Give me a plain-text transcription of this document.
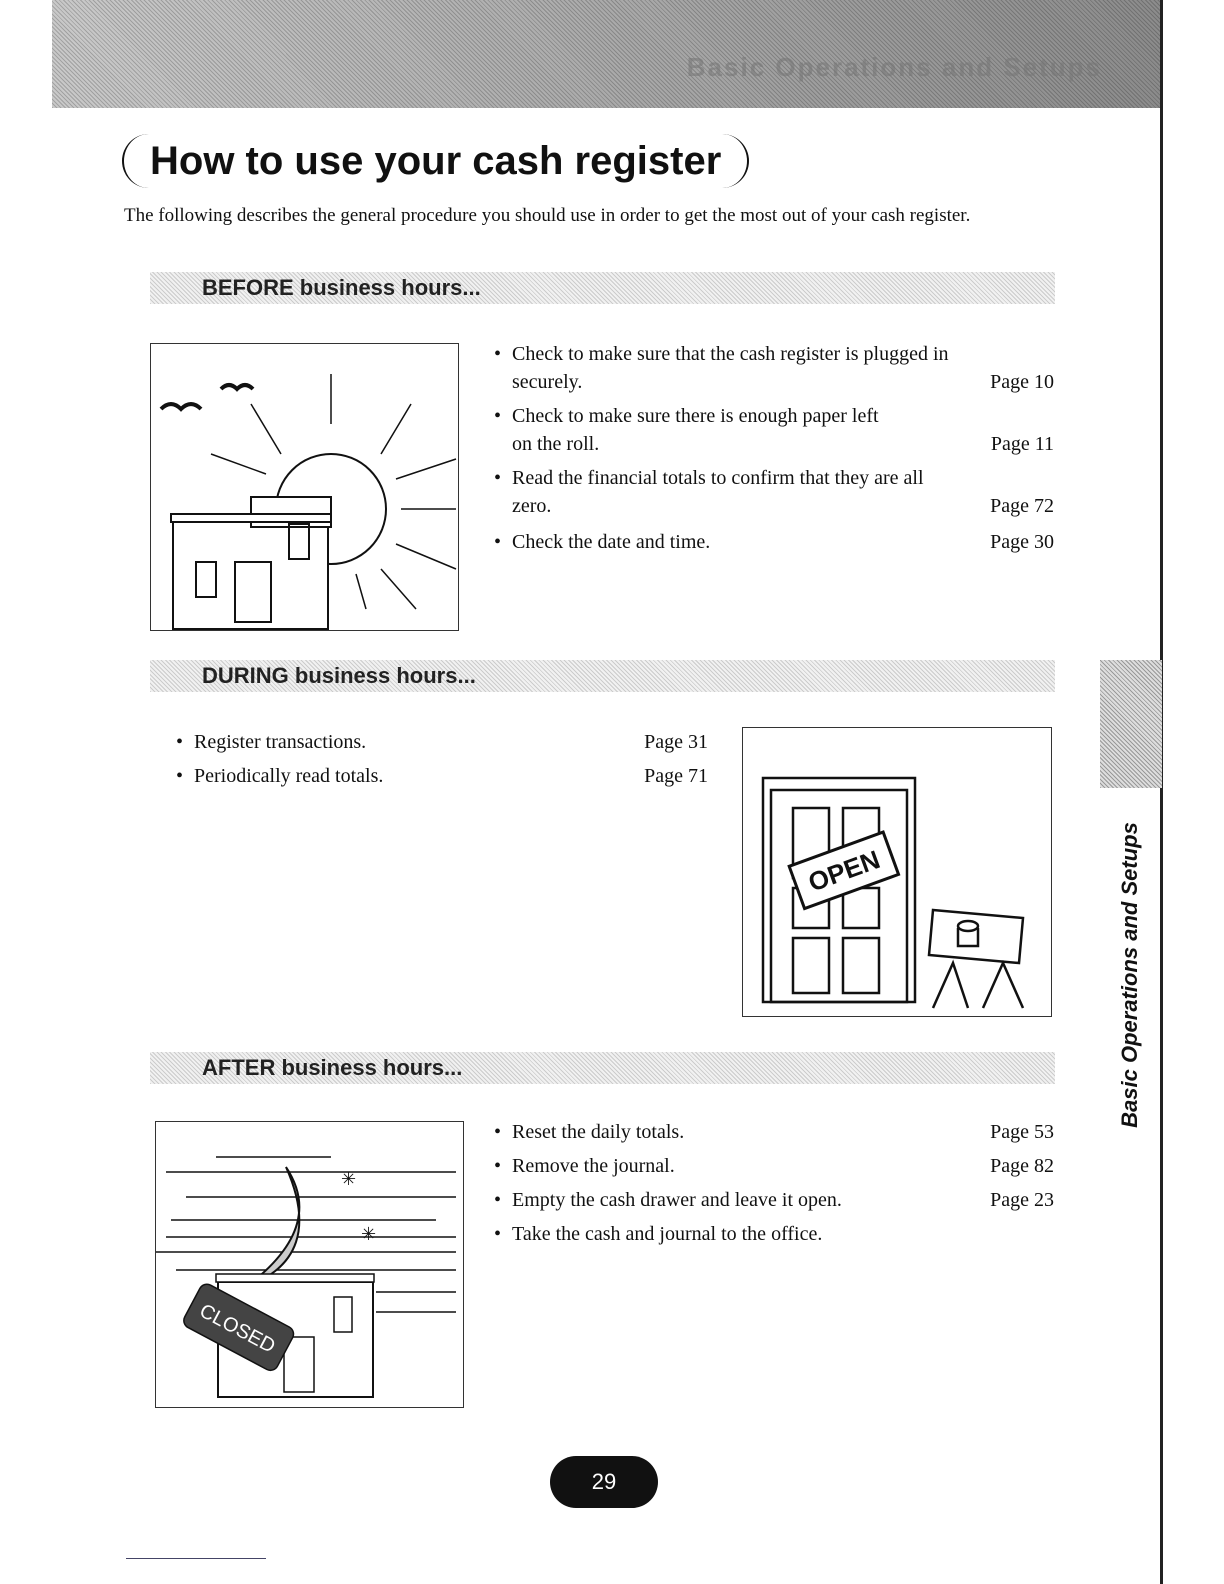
Basic Operations and Setups
How to use your cash register
The following describes the general procedure you should use in order to get the most out of your cash register.
BEFORE business hours...
• Check to make sure that the cash register is plugged in securely.	Page 10
• Check to make sure there is enough paper left on the roll.	Page 11
• Read the financial totals to confirm that they are all zero.	Page 72
• Check the date and time.	Page 30
DURING business hours...
• Register transactions.	Page 31
• Periodically read totals.	Page 71
OPEN
AFTER business hours...
✳
✳
CLOSED
• Reset the daily totals.	Page 53
• Remove the journal.	Page 82
• Empty the cash drawer and leave it open.	Page 23
• Take the cash and journal to the office.
Basic Operations and Setups
29
